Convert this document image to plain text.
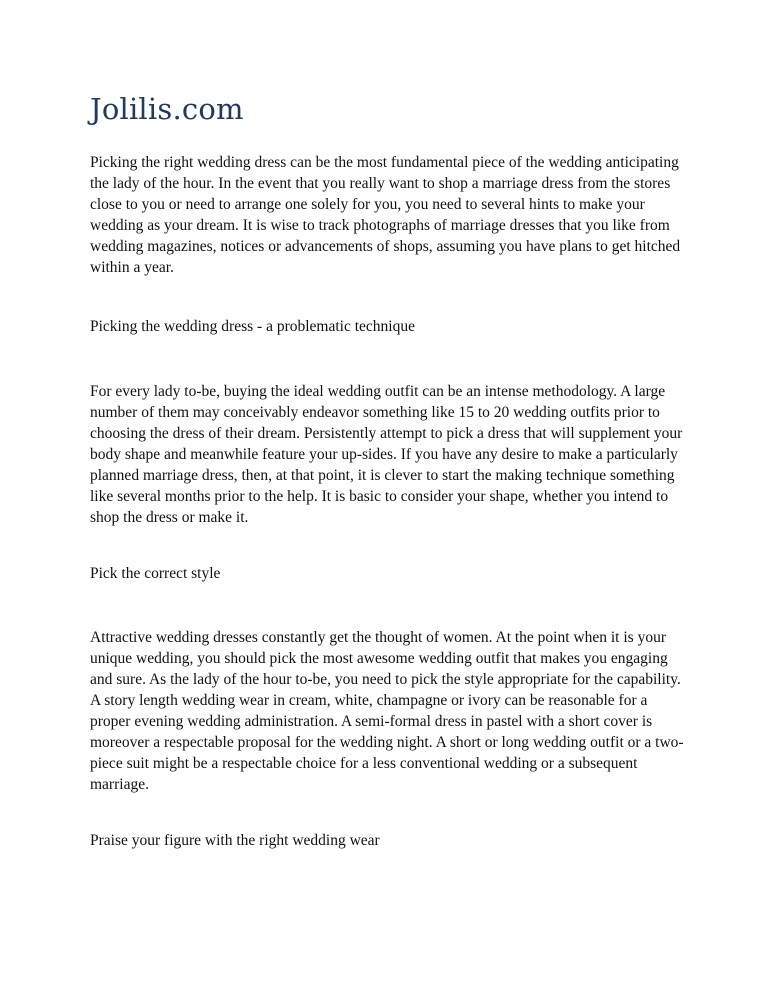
Jolilis.com

Picking the right wedding dress can be the most fundamental piece of the wedding anticipating the lady of the hour. In the event that you really want to shop a marriage dress from the stores close to you or need to arrange one solely for you, you need to several hints to make your wedding as your dream. It is wise to track photographs of marriage dresses that you like from wedding magazines, notices or advancements of shops, assuming you have plans to get hitched within a year.

Picking the wedding dress - a problematic technique

For every lady to-be, buying the ideal wedding outfit can be an intense methodology. A large number of them may conceivably endeavor something like 15 to 20 wedding outfits prior to choosing the dress of their dream. Persistently attempt to pick a dress that will supplement your body shape and meanwhile feature your up-sides. If you have any desire to make a particularly planned marriage dress, then, at that point, it is clever to start the making technique something like several months prior to the help. It is basic to consider your shape, whether you intend to shop the dress or make it.

Pick the correct style

Attractive wedding dresses constantly get the thought of women. At the point when it is your unique wedding, you should pick the most awesome wedding outfit that makes you engaging and sure. As the lady of the hour to-be, you need to pick the style appropriate for the capability. A story length wedding wear in cream, white, champagne or ivory can be reasonable for a proper evening wedding administration. A semi-formal dress in pastel with a short cover is moreover a respectable proposal for the wedding night. A short or long wedding outfit or a two-piece suit might be a respectable choice for a less conventional wedding or a subsequent marriage.

Praise your figure with the right wedding wear
